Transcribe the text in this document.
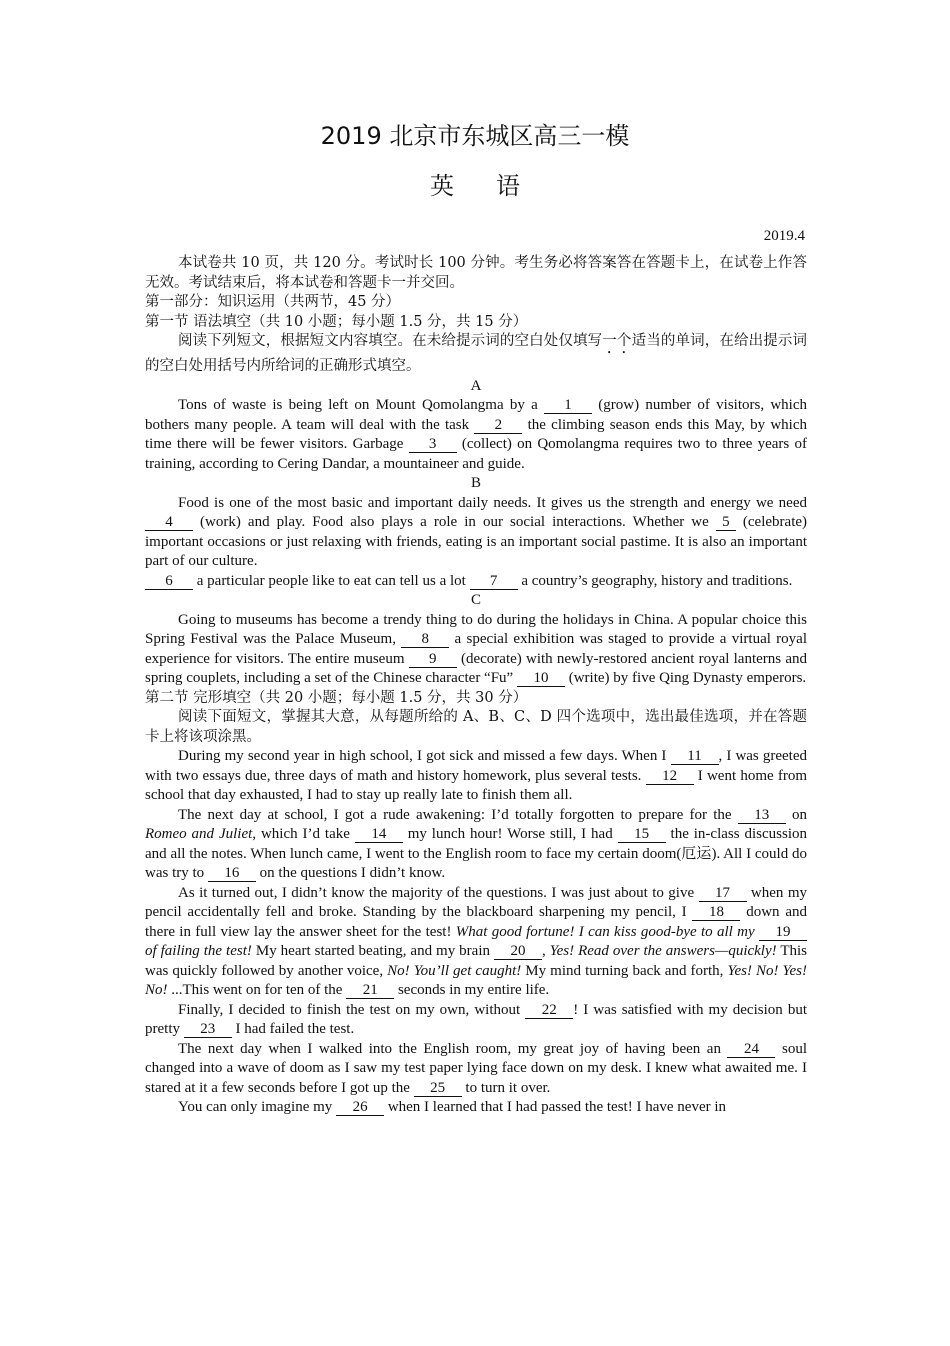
2019 北京市东城区高三一模
英语
2019.4

本试卷共 10 页，共 120 分。考试时长 100 分钟。考生务必将答案答在答题卡上，在试卷上作答无效。考试结束后，将本试卷和答题卡一并交回。

第一部分：知识运用（共两节，45 分）

第一节 语法填空（共 10 小题；每小题 1.5 分，共 15 分）

阅读下列短文，根据短文内容填空。在未给提示词的空白处仅填写一个适当的单词，在给出提示词的空白处用括号内所给词的正确形式填空。

A

Tons of waste is being left on Mount Qomolangma by a 1 (grow) number of visitors, which bothers many people. A team will deal with the task 2 the climbing season ends this May, by which time there will be fewer visitors. Garbage 3 (collect) on Qomolangma requires two to three years of training, according to Cering Dandar, a mountaineer and guide.

B

Food is one of the most basic and important daily needs. It gives us the strength and energy we need 4 (work) and play. Food also plays a role in our social interactions. Whether we 5 (celebrate) important occasions or just relaxing with friends, eating is an important social pastime. It is also an important part of our culture.

6 a particular people like to eat can tell us a lot 7 a country’s geography, history and traditions.

C

Going to museums has become a trendy thing to do during the holidays in China. A popular choice this Spring Festival was the Palace Museum, 8 a special exhibition was staged to provide a virtual royal experience for visitors. The entire museum 9 (decorate) with newly-restored ancient royal lanterns and spring couplets, including a set of the Chinese character “Fu” 10 (write) by five Qing Dynasty emperors.

第二节 完形填空（共 20 小题；每小题 1.5 分，共 30 分）

阅读下面短文，掌握其大意，从每题所给的 A、B、C、D 四个选项中，选出最佳选项，并在答题卡上将该项涂黑。

During my second year in high school, I got sick and missed a few days. When I 11 , I was greeted with two essays due, three days of math and history homework, plus several tests. 12 I went home from school that day exhausted, I had to stay up really late to finish them all.

The next day at school, I got a rude awakening: I’d totally forgotten to prepare for the 13 on Romeo and Juliet, which I’d take 14 my lunch hour! Worse still, I had 15 the in-class discussion and all the notes. When lunch came, I went to the English room to face my certain doom(厄运). All I could do was try to 16 on the questions I didn’t know.

As it turned out, I didn’t know the majority of the questions. I was just about to give 17 when my pencil accidentally fell and broke. Standing by the blackboard sharpening my pencil, I 18 down and there in full view lay the answer sheet for the test! What good fortune! I can kiss good-bye to all my 19 of failing the test! My heart started beating, and my brain 20 , Yes! Read over the answers—quickly! This was quickly followed by another voice, No! You’ll get caught! My mind turning back and forth, Yes! No! Yes! No! ...This went on for ten of the 21 seconds in my entire life.

Finally, I decided to finish the test on my own, without 22 ! I was satisfied with my decision but pretty 23 I had failed the test.

The next day when I walked into the English room, my great joy of having been an 24 soul changed into a wave of doom as I saw my test paper lying face down on my desk. I knew what awaited me. I stared at it a few seconds before I got up the 25 to turn it over.

You can only imagine my 26 when I learned that I had passed the test! I have never in
